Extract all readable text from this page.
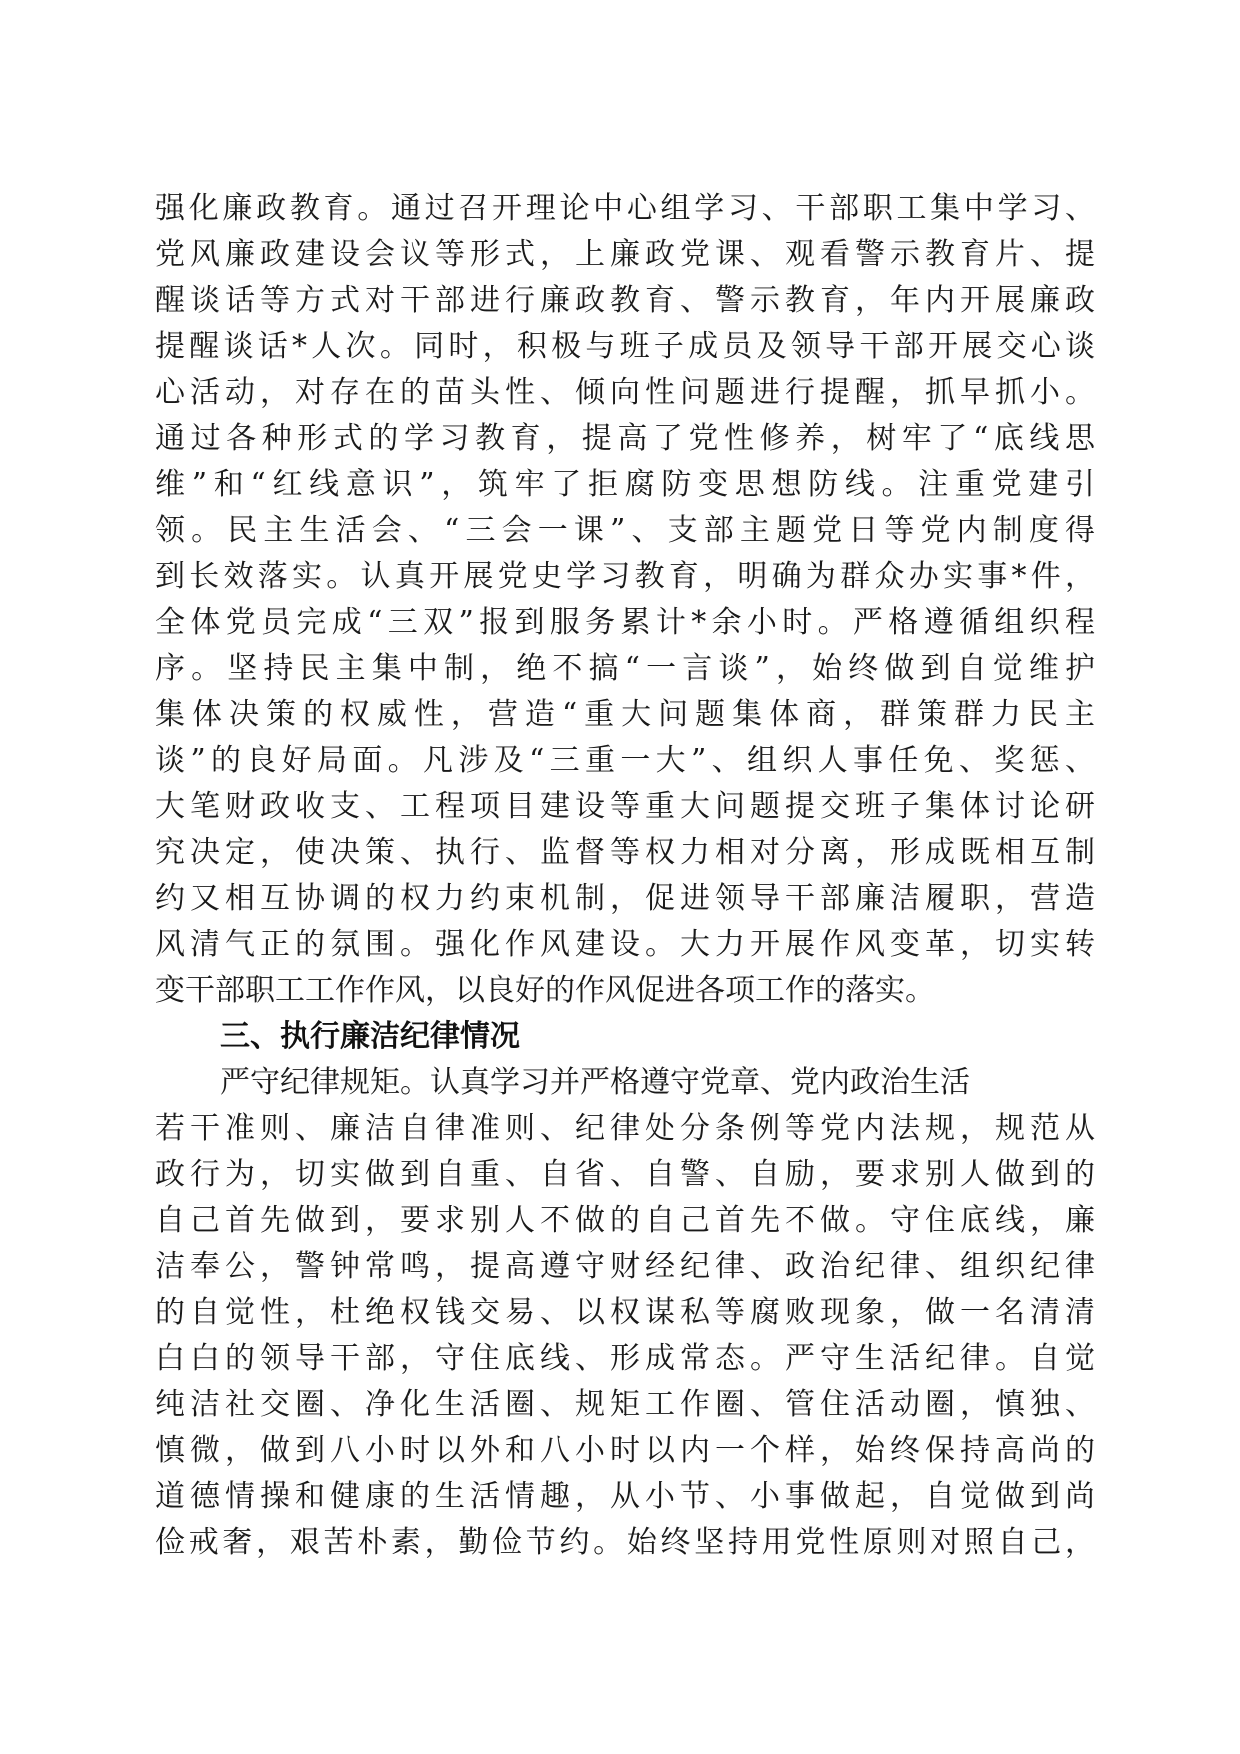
强化廉政教育。通过召开理论中心组学习、干部职工集中学习、
党风廉政建设会议等形式，上廉政党课、观看警示教育片、提
醒谈话等方式对干部进行廉政教育、警示教育，年内开展廉政
提醒谈话*人次。同时，积极与班子成员及领导干部开展交心谈
心活动，对存在的苗头性、倾向性问题进行提醒，抓早抓小。
通过各种形式的学习教育，提高了党性修养，树牢了“底线思
维”和“红线意识”，筑牢了拒腐防变思想防线。注重党建引
领。民主生活会、“三会一课”、支部主题党日等党内制度得
到长效落实。认真开展党史学习教育，明确为群众办实事*件，
全体党员完成“三双”报到服务累计*余小时。严格遵循组织程
序。坚持民主集中制，绝不搞“一言谈”，始终做到自觉维护
集体决策的权威性，营造“重大问题集体商，群策群力民主
谈”的良好局面。凡涉及“三重一大”、组织人事任免、奖惩、
大笔财政收支、工程项目建设等重大问题提交班子集体讨论研
究决定，使决策、执行、监督等权力相对分离，形成既相互制
约又相互协调的权力约束机制，促进领导干部廉洁履职，营造
风清气正的氛围。强化作风建设。大力开展作风变革，切实转
变干部职工工作作风，以良好的作风促进各项工作的落实。
三、执行廉洁纪律情况
严守纪律规矩。认真学习并严格遵守党章、党内政治生活
若干准则、廉洁自律准则、纪律处分条例等党内法规，规范从
政行为，切实做到自重、自省、自警、自励，要求别人做到的
自己首先做到，要求别人不做的自己首先不做。守住底线，廉
洁奉公，警钟常鸣，提高遵守财经纪律、政治纪律、组织纪律
的自觉性，杜绝权钱交易、以权谋私等腐败现象，做一名清清
白白的领导干部，守住底线、形成常态。严守生活纪律。自觉
纯洁社交圈、净化生活圈、规矩工作圈、管住活动圈，慎独、
慎微，做到八小时以外和八小时以内一个样，始终保持高尚的
道德情操和健康的生活情趣，从小节、小事做起，自觉做到尚
俭戒奢，艰苦朴素，勤俭节约。始终坚持用党性原则对照自己，
